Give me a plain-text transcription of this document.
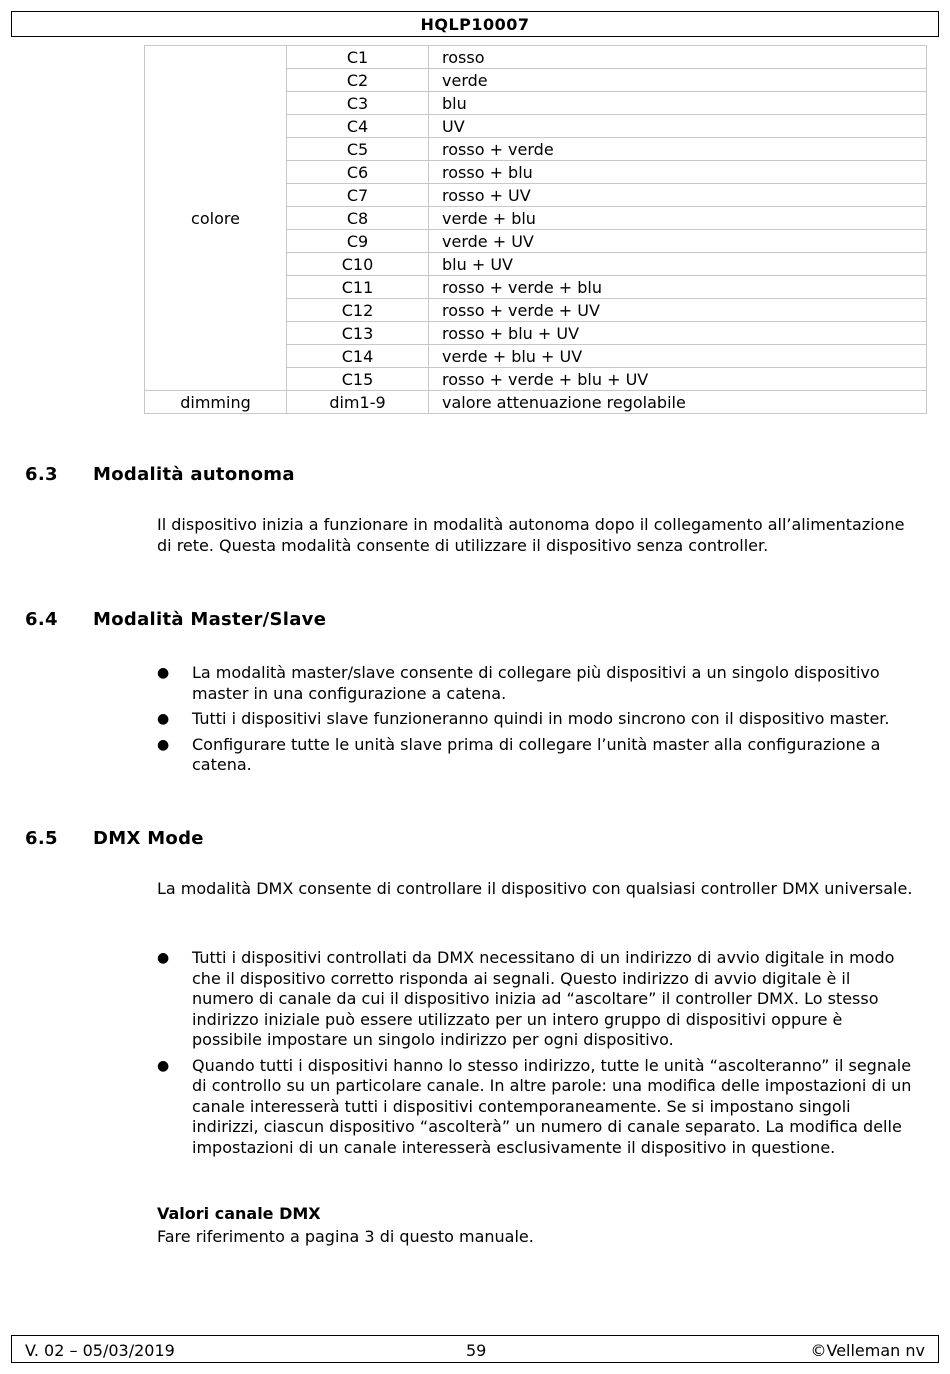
HQLP10007
colore	C1	rosso
	C2	verde
	C3	blu
	C4	UV
	C5	rosso + verde
	C6	rosso + blu
	C7	rosso + UV
	C8	verde + blu
	C9	verde + UV
	C10	blu + UV
	C11	rosso + verde + blu
	C12	rosso + verde + UV
	C13	rosso + blu + UV
	C14	verde + blu + UV
	C15	rosso + verde + blu + UV
dimming	dim1-9	valore attenuazione regolabile
6.3 Modalità autonoma
Il dispositivo inizia a funzionare in modalità autonoma dopo il collegamento all’alimentazione di rete. Questa modalità consente di utilizzare il dispositivo senza controller.
6.4 Modalità Master/Slave
● La modalità master/slave consente di collegare più dispositivi a un singolo dispositivo master in una configurazione a catena.
● Tutti i dispositivi slave funzioneranno quindi in modo sincrono con il dispositivo master.
● Configurare tutte le unità slave prima di collegare l’unità master alla configurazione a catena.
6.5 DMX Mode
La modalità DMX consente di controllare il dispositivo con qualsiasi controller DMX universale.
● Tutti i dispositivi controllati da DMX necessitano di un indirizzo di avvio digitale in modo che il dispositivo corretto risponda ai segnali. Questo indirizzo di avvio digitale è il numero di canale da cui il dispositivo inizia ad “ascoltare” il controller DMX. Lo stesso indirizzo iniziale può essere utilizzato per un intero gruppo di dispositivi oppure è possibile impostare un singolo indirizzo per ogni dispositivo.
● Quando tutti i dispositivi hanno lo stesso indirizzo, tutte le unità “ascolteranno” il segnale di controllo su un particolare canale. In altre parole: una modifica delle impostazioni di un canale interesserà tutti i dispositivi contemporaneamente. Se si impostano singoli indirizzi, ciascun dispositivo “ascolterà” un numero di canale separato. La modifica delle impostazioni di un canale interesserà esclusivamente il dispositivo in questione.
Valori canale DMX
Fare riferimento a pagina 3 di questo manuale.
V. 02 – 05/03/2019	59	©Velleman nv
